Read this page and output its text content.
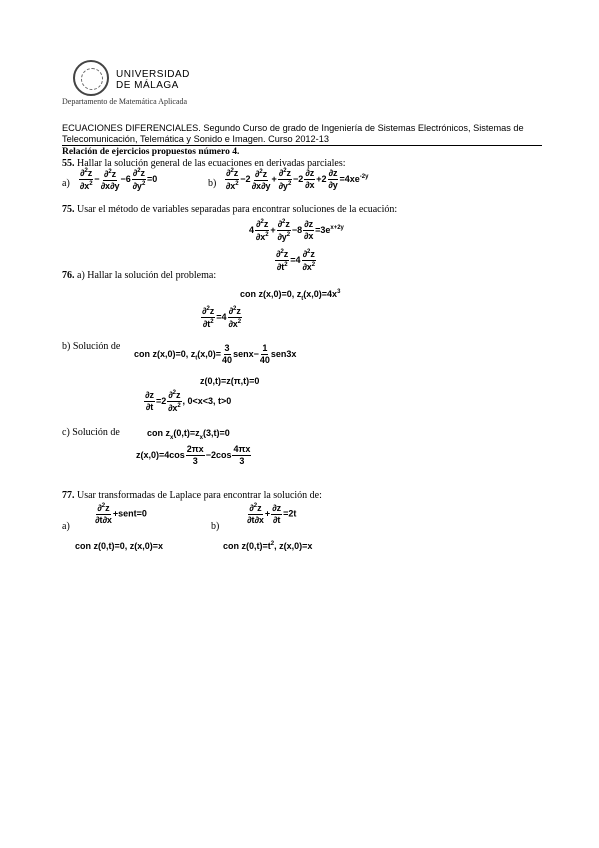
UNIVERSIDAD
DE MÁLAGA
Departamento de Matemática Aplicada
ECUACIONES DIFERENCIALES. Segundo Curso de grado de Ingeniería de Sistemas Electrónicos, Sistemas de
Telecomunicación, Telemática y Sonido e Imagen. Curso 2012-13
Relación de ejercicios propuestos número 4.
55. Hallar la solución general de las ecuaciones en derivadas parciales:
$a) \frac{\partial^2z}{\partial x^2} - \frac{\partial^2z}{\partial x\partial y} -6 \frac{\partial^2z}{\partial y^2} =0$	$b) \frac{\partial^2z}{\partial x^2} -2 \frac{\partial^2z}{\partial x\partial y} + \frac{\partial^2z}{\partial y^2} -2 \frac{\partial z}{\partial x} +2 \frac{\partial z}{\partial y} =4xe^{-2y}$
75. Usar el método de variables separadas para encontrar soluciones de la ecuación:
$4 \frac{\partial^2z}{\partial x^2} + \frac{\partial^2z}{\partial y^2} -8 \frac{\partial z}{\partial x} =3e^{x+2y}$
$\frac{\partial^2z}{\partial t^2} =4 \frac{\partial^2z}{\partial x^2}$
76. a) Hallar la solución del problema:
con z(x,0)=0, $z_t(x,0)=4x^3$
$\frac{\partial^2z}{\partial t^2} =4 \frac{\partial^2z}{\partial x^2}$
b) Solución de
con z(x,0)=0, $z_t(x,0)= \frac{3}{40}$ senx− $\frac{1}{40} sen3x$
z(0,t)=z(π,t)=0
$\frac{\partial z}{\partial t} =2 \frac{\partial^2z}{\partial x^2}$ , 0<x<3, t>0
c) Solución de	con $z_x(0,t)=z_x(3,t)=0$
$z(x,0)=4\cos \frac{2\pi x}{3} -2\cos \frac{4\pi x}{3}$
77. Usar transformadas de Laplace para encontrar la solución de:
$\frac{\partial^2z}{\partial t\partial x}$ +sent=0
a)
con z(0,t)=0, z(x,0)=x
$\frac{\partial^2z}{\partial t\partial x} + \frac{\partial z}{\partial t} =2t$
b)
con $z(0,t)=t^2$, z(x,0)=x
